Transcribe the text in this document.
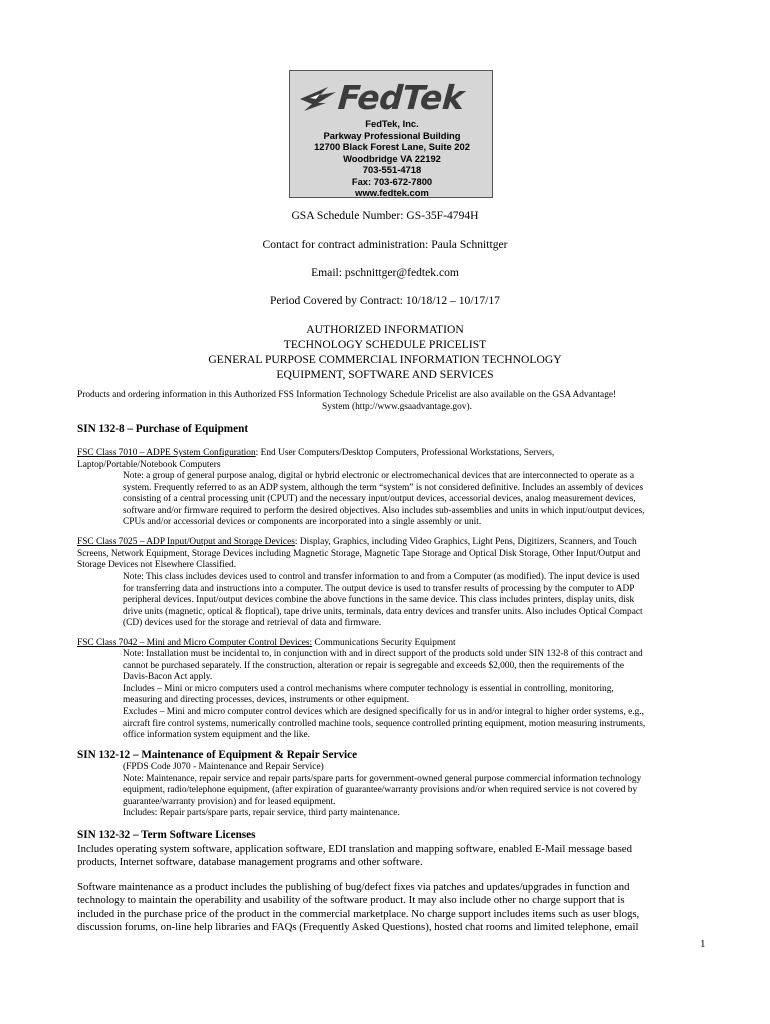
FedTek
FedTek, Inc.
Parkway Professional Building
12700 Black Forest Lane, Suite 202
Woodbridge VA 22192
703-551-4718
Fax: 703-672-7800
www.fedtek.com
GSA Schedule Number: GS-35F-4794H
Contact for contract administration: Paula Schnittger
Email: pschnittger@fedtek.com
Period Covered by Contract: 10/18/12 – 10/17/17
AUTHORIZED INFORMATION
TECHNOLOGY SCHEDULE PRICELIST
GENERAL PURPOSE COMMERCIAL INFORMATION TECHNOLOGY
EQUIPMENT, SOFTWARE AND SERVICES
Products and ordering information in this Authorized FSS Information Technology Schedule Pricelist are also available on the GSA Advantage!
System (http://www.gsaadvantage.gov).
SIN 132-8 – Purchase of Equipment
FSC Class 7010 – ADPE System Configuration: End User Computers/Desktop Computers, Professional Workstations, Servers,
Laptop/Portable/Notebook Computers
Note: a group of general purpose analog, digital or hybrid electronic or electromechanical devices that are interconnected to operate as a
system. Frequently referred to as an ADP system, although the term “system” is not considered definitive. Includes an assembly of devices
consisting of a central processing unit (CPUT) and the necessary input/output devices, accessorial devices, analog measurement devices,
software and/or firmware required to perform the desired objectives. Also includes sub-assemblies and units in which input/output devices,
CPUs and/or accessorial devices or components are incorporated into a single assembly or unit.
FSC Class 7025 – ADP Input/Output and Storage Devices: Display, Graphics, including Video Graphics, Light Pens, Digitizers, Scanners, and Touch
Screens, Network Equipment, Storage Devices including Magnetic Storage, Magnetic Tape Storage and Optical Disk Storage, Other Input/Output and
Storage Devices not Elsewhere Classified.
Note: This class includes devices used to control and transfer information to and from a Computer (as modified). The input device is used
for transferring data and instructions into a computer. The output device is used to transfer results of processing by the computer to ADP
peripheral devices. Input/output devices combine the above functions in the same device. This class includes printers, display units, disk
drive units (magnetic, optical & floptical), tape drive units, terminals, data entry devices and transfer units. Also includes Optical Compact
(CD) devices used for the storage and retrieval of data and firmware.
FSC Class 7042 – Mini and Micro Computer Control Devices: Communications Security Equipment
Note: Installation must be incidental to, in conjunction with and in direct support of the products sold under SIN 132-8 of this contract and
cannot be purchased separately. If the construction, alteration or repair is segregable and exceeds $2,000, then the requirements of the
Davis-Bacon Act apply.
Includes – Mini or micro computers used a control mechanisms where computer technology is essential in controlling, monitoring,
measuring and directing processes, devices, instruments or other equipment.
Excludes – Mini and micro computer control devices which are designed specifically for us in and/or integral to higher order systems, e.g.,
aircraft fire control systems, numerically controlled machine tools, sequence controlled printing equipment, motion measuring instruments,
office information system equipment and the like.
SIN 132-12 – Maintenance of Equipment & Repair Service
(FPDS Code J070 - Maintenance and Repair Service)
Note: Maintenance, repair service and repair parts/spare parts for government-owned general purpose commercial information technology
equipment, radio/telephone equipment, (after expiration of guarantee/warranty provisions and/or when required service is not covered by
guarantee/warranty provision) and for leased equipment.
Includes: Repair parts/spare parts, repair service, third party maintenance.
SIN 132-32 – Term Software Licenses
Includes operating system software, application software, EDI translation and mapping software, enabled E-Mail message based
products, Internet software, database management programs and other software.
Software maintenance as a product includes the publishing of bug/defect fixes via patches and updates/upgrades in function and
technology to maintain the operability and usability of the software product. It may also include other no charge support that is
included in the purchase price of the product in the commercial marketplace. No charge support includes items such as user blogs,
discussion forums, on-line help libraries and FAQs (Frequently Asked Questions), hosted chat rooms and limited telephone, email
1
